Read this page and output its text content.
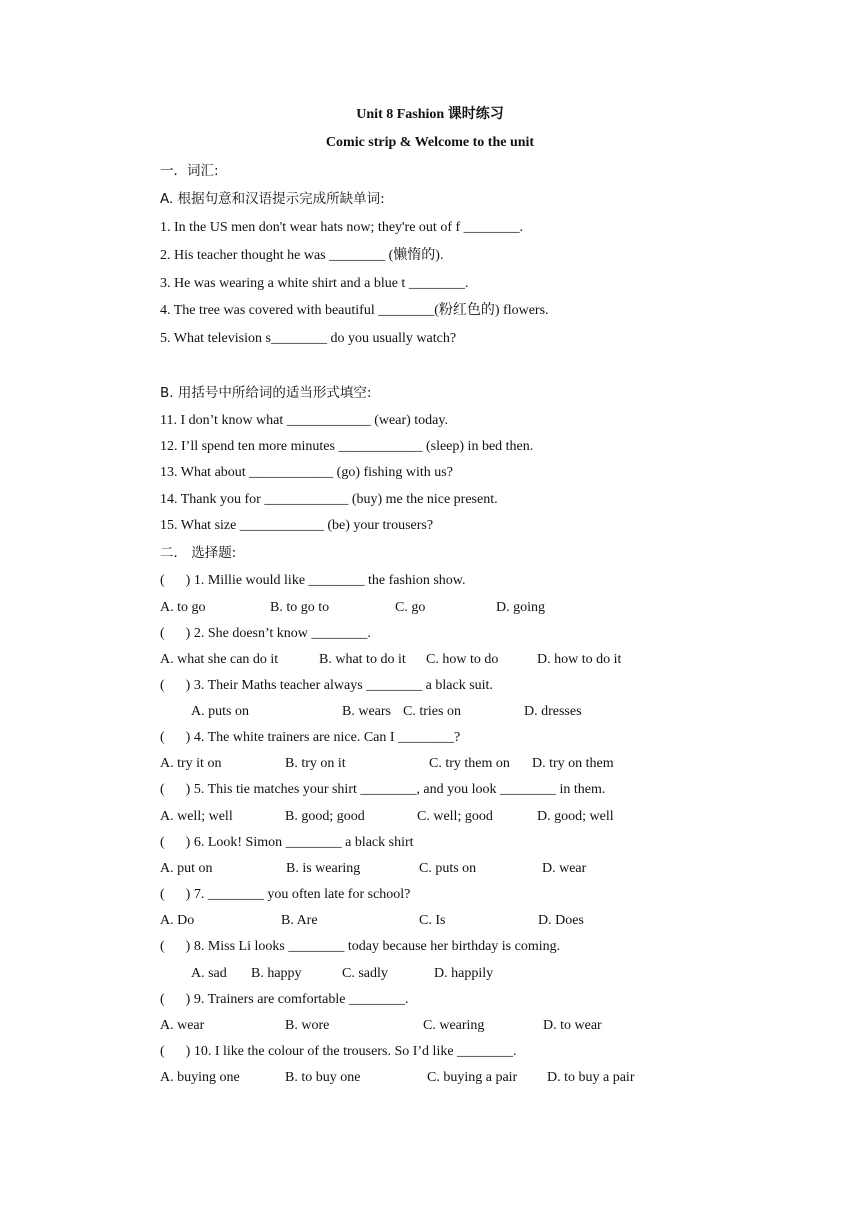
Unit 8 Fashion 课时练习
Comic strip & Welcome to the unit
一．词汇:
A. 根据句意和汉语提示完成所缺单词:
1. In the US men don't wear hats now; they're out of f ________.
2. His teacher thought he was ________ (懒惰的).
3. He was wearing a white shirt and a blue t ________.
4. The tree was covered with beautiful ________(粉红色的) flowers.
5. What television s________ do you usually watch?
B. 用括号中所给词的适当形式填空:
11. I don’t know what ____________ (wear) today.
12. I’ll spend ten more minutes ____________ (sleep) in bed then.
13. What about ____________ (go) fishing with us?
14. Thank you for ____________ (buy) me the nice present.
15. What size ____________ (be) your trousers?
二． 选择题:
(      ) 1. Millie would like ________ the fashion show.
A. to go	B. to go to	C. go	D. going
(      ) 2. She doesn’t know ________.
A. what she can do it	B. what to do it C. how to do	D. how to do it
(      ) 3. Their Maths teacher always ________ a black suit.
A. puts on	B. wears C. tries on	D. dresses
(      ) 4. The white trainers are nice. Can I ________?
A. try it on	B. try on it	C. try them on D. try on them
(      ) 5. This tie matches your shirt ________, and you look ________ in them.
A. well; well	B. good; good	C. well; good	D. good; well
(      ) 6. Look! Simon ________ a black shirt
A. put on	B. is wearing	C. puts on	D. wear
(      ) 7. ________ you often late for school?
A. Do	B. Are	C. Is	D. Does
(      ) 8. Miss Li looks ________ today because her birthday is coming.
A. sad B. happy	C. sadly	D. happily
(      ) 9. Trainers are comfortable ________.
A. wear	B. wore	C. wearing	D. to wear
(      ) 10. I like the colour of the trousers. So I’d like ________.
A. buying one	B. to buy one	C. buying a pair D. to buy a pair
